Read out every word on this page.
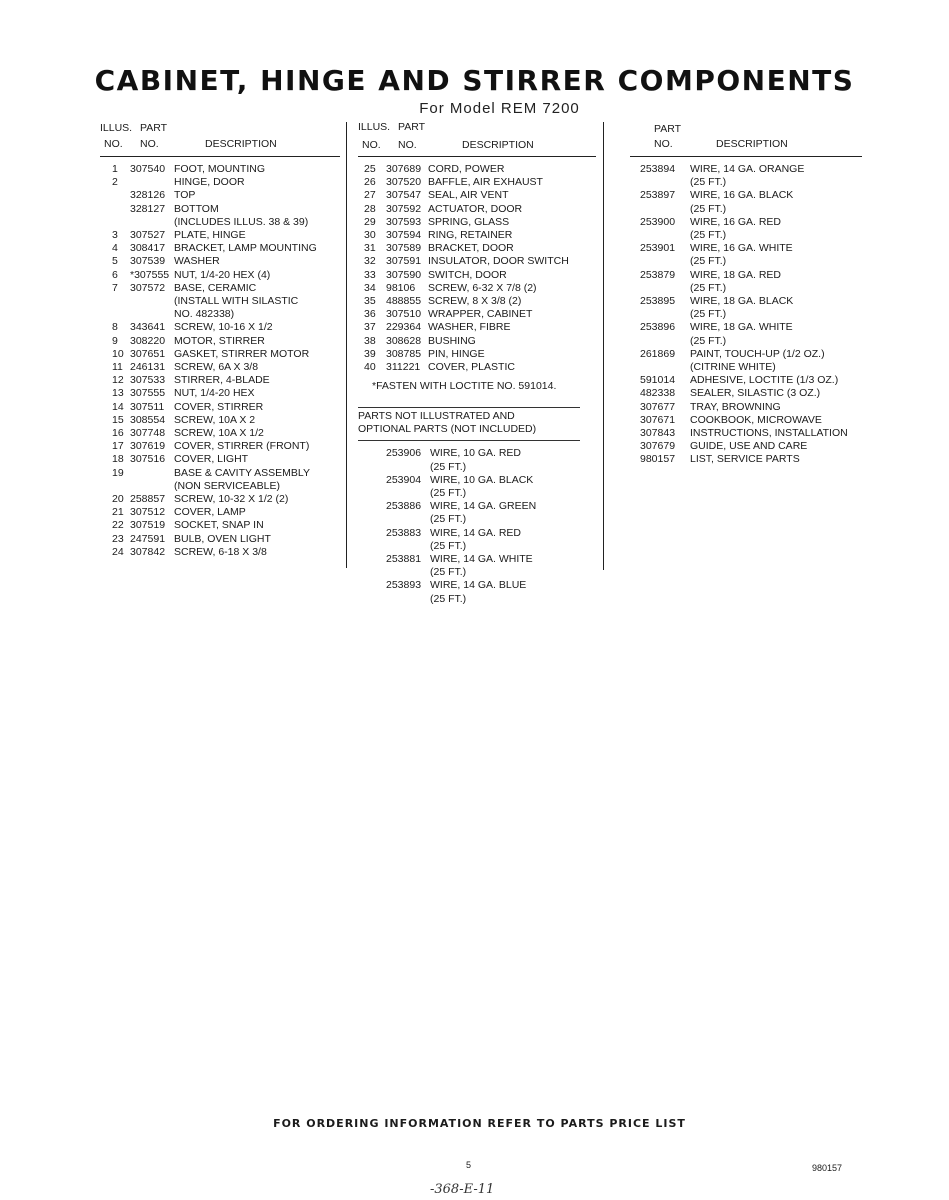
CABINET, HINGE AND STIRRER COMPONENTS
For Model REM 7200
ILLUS. PART
NO. NO.	DESCRIPTION
1	307540 FOOT, MOUNTING
2	HINGE, DOOR
328126 TOP
328127 BOTTOM
(INCLUDES ILLUS. 38 & 39)
3	307527 PLATE, HINGE
4	308417 BRACKET, LAMP MOUNTING
5	307539 WASHER
6	*307555 NUT, 1/4-20 HEX (4)
7	307572 BASE, CERAMIC
(INSTALL WITH SILASTIC
NO. 482338)
8	343641 SCREW, 10-16 X 1/2
9	308220 MOTOR, STIRRER
10 307651 GASKET, STIRRER MOTOR
11 246131 SCREW, 6A X 3/8
12 307533 STIRRER, 4-BLADE
13 307555 NUT, 1/4-20 HEX
14 307511 COVER, STIRRER
15 308554 SCREW, 10A X 2
16 307748 SCREW, 10A X 1/2
17 307619 COVER, STIRRER (FRONT)
18 307516 COVER, LIGHT
19	BASE & CAVITY ASSEMBLY
(NON SERVICEABLE)
20 258857 SCREW, 10-32 X 1/2 (2)
21 307512 COVER, LAMP
22 307519 SOCKET, SNAP IN
23 247591 BULB, OVEN LIGHT
24 307842 SCREW, 6-18 X 3/8
ILLUS. PART
NO. NO.	DESCRIPTION
25 307689 CORD, POWER
26 307520 BAFFLE, AIR EXHAUST
27 307547 SEAL, AIR VENT
28 307592 ACTUATOR, DOOR
29 307593 SPRING, GLASS
30 307594 RING, RETAINER
31 307589 BRACKET, DOOR
32 307591 INSULATOR, DOOR SWITCH
33 307590 SWITCH, DOOR
34 98106	SCREW, 6-32 X 7/8 (2)
35 488855 SCREW, 8 X 3/8 (2)
36 307510 WRAPPER, CABINET
37 229364 WASHER, FIBRE
38 308628 BUSHING
39 308785 PIN, HINGE
40 311221 COVER, PLASTIC
*FASTEN WITH LOCTITE NO. 591014.
PARTS NOT ILLUSTRATED AND
OPTIONAL PARTS (NOT INCLUDED)
253906 WIRE, 10 GA. RED
(25 FT.)
253904 WIRE, 10 GA. BLACK
(25 FT.)
253886 WIRE, 14 GA. GREEN
(25 FT.)
253883 WIRE, 14 GA. RED
(25 FT.)
253881 WIRE, 14 GA. WHITE
(25 FT.)
253893 WIRE, 14 GA. BLUE
(25 FT.)
PART
NO.	DESCRIPTION
253894	WIRE, 14 GA. ORANGE
(25 FT.)
253897	WIRE, 16 GA. BLACK
(25 FT.)
253900	WIRE, 16 GA. RED
(25 FT.)
253901	WIRE, 16 GA. WHITE
(25 FT.)
253879	WIRE, 18 GA. RED
(25 FT.)
253895	WIRE, 18 GA. BLACK
(25 FT.)
253896	WIRE, 18 GA. WHITE
(25 FT.)
261869	PAINT, TOUCH-UP (1/2 OZ.)
(CITRINE WHITE)
591014	ADHESIVE, LOCTITE (1/3 OZ.)
482338	SEALER, SILASTIC (3 OZ.)
307677	TRAY, BROWNING
307671	COOKBOOK, MICROWAVE
307843	INSTRUCTIONS, INSTALLATION
307679	GUIDE, USE AND CARE
980157	LIST, SERVICE PARTS
FOR ORDERING INFORMATION REFER TO PARTS PRICE LIST
5	980157
-368-E-11
